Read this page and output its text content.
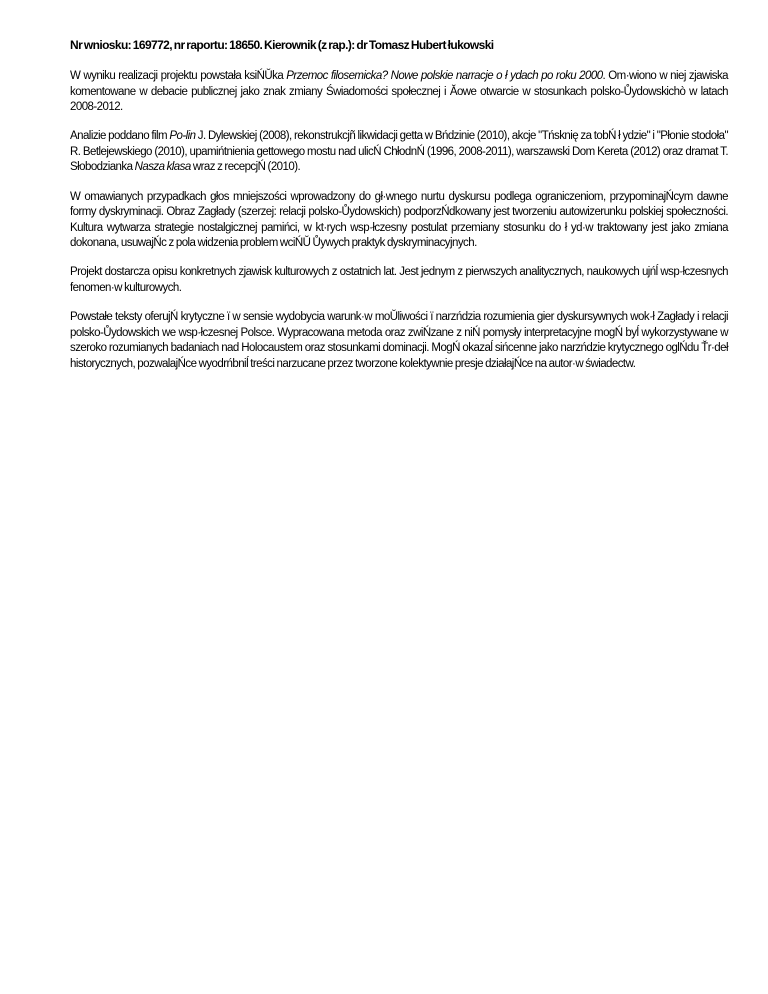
Nr wniosku: 169772, nr raportu: 18650. Kierownik (z rap.): dr Tomasz Hubert łukowski

W wyniku realizacji projektu powstała ksiŃŬka Przemoc filosemicka? Nowe polskie narracje o ł ydach po roku 2000. Om·wiono w niej zjawiska komentowane w debacie publicznej jako znak zmiany Świadomości społecznej i Ăowe otwarcie w stosunkach polsko-Ůydowskichò w latach 2008-2012.

Analizie poddano film Po-lin J. Dylewskiej (2008), rekonstrukcjñ likwidacji getta w Bńdzinie (2010), akcje "Tńsknię za tobŃ ł ydzie" i "Płonie stodoła" R. Betlejewskiego (2010), upamińtnienia gettowego mostu nad ulicŃ ChłodnŃ (1996, 2008-2011), warszawski Dom Kereta (2012) oraz dramat T. Słobodzianka Nasza klasa wraz z recepcjŃ (2010).

W omawianych przypadkach głos mniejszości wprowadzony do gł·wnego nurtu dyskursu podlega ograniczeniom, przypominajŃcym dawne formy dyskryminacji. Obraz Zagłady (szerzej: relacji polsko-Ůydowskich) podporzŃdkowany jest tworzeniu autowizerunku polskiej społeczności. Kultura wytwarza strategie nostalgicznej pamińci, w kt·rych wsp·łczesny postulat przemiany stosunku do ł yd·w traktowany jest jako zmiana dokonana, usuwajŃc z pola widzenia problem wciŃŬ Ůywych praktyk dyskryminacyjnych.

Projekt dostarcza opisu konkretnych zjawisk kulturowych z ostatnich lat. Jest jednym z pierwszych analitycznych, naukowych ujńĺ wsp·łczesnych fenomen·w kulturowych.

Powstałe teksty oferujŃ krytyczne ï w sensie wydobycia warunk·w moŬliwości ï narzńdzia rozumienia gier dyskursywnych wok·ł Zagłady i relacji polsko-Ůydowskich we wsp·łczesnej Polsce. Wypracowana metoda oraz zwiŃzane z niŃ pomysły interpretacyjne mogŃ byĺ wykorzystywane w szeroko rozumianych badaniach nad Holocaustem oraz stosunkami dominacji. MogŃ okazaĺ sińcenne jako narzńdzie krytycznego oglŃdu Ťr·deł historycznych, pozwalajŃce wyodrńbniĺ treści narzucane przez tworzone kolektywnie presje działajŃce na autor·w świadectw.
